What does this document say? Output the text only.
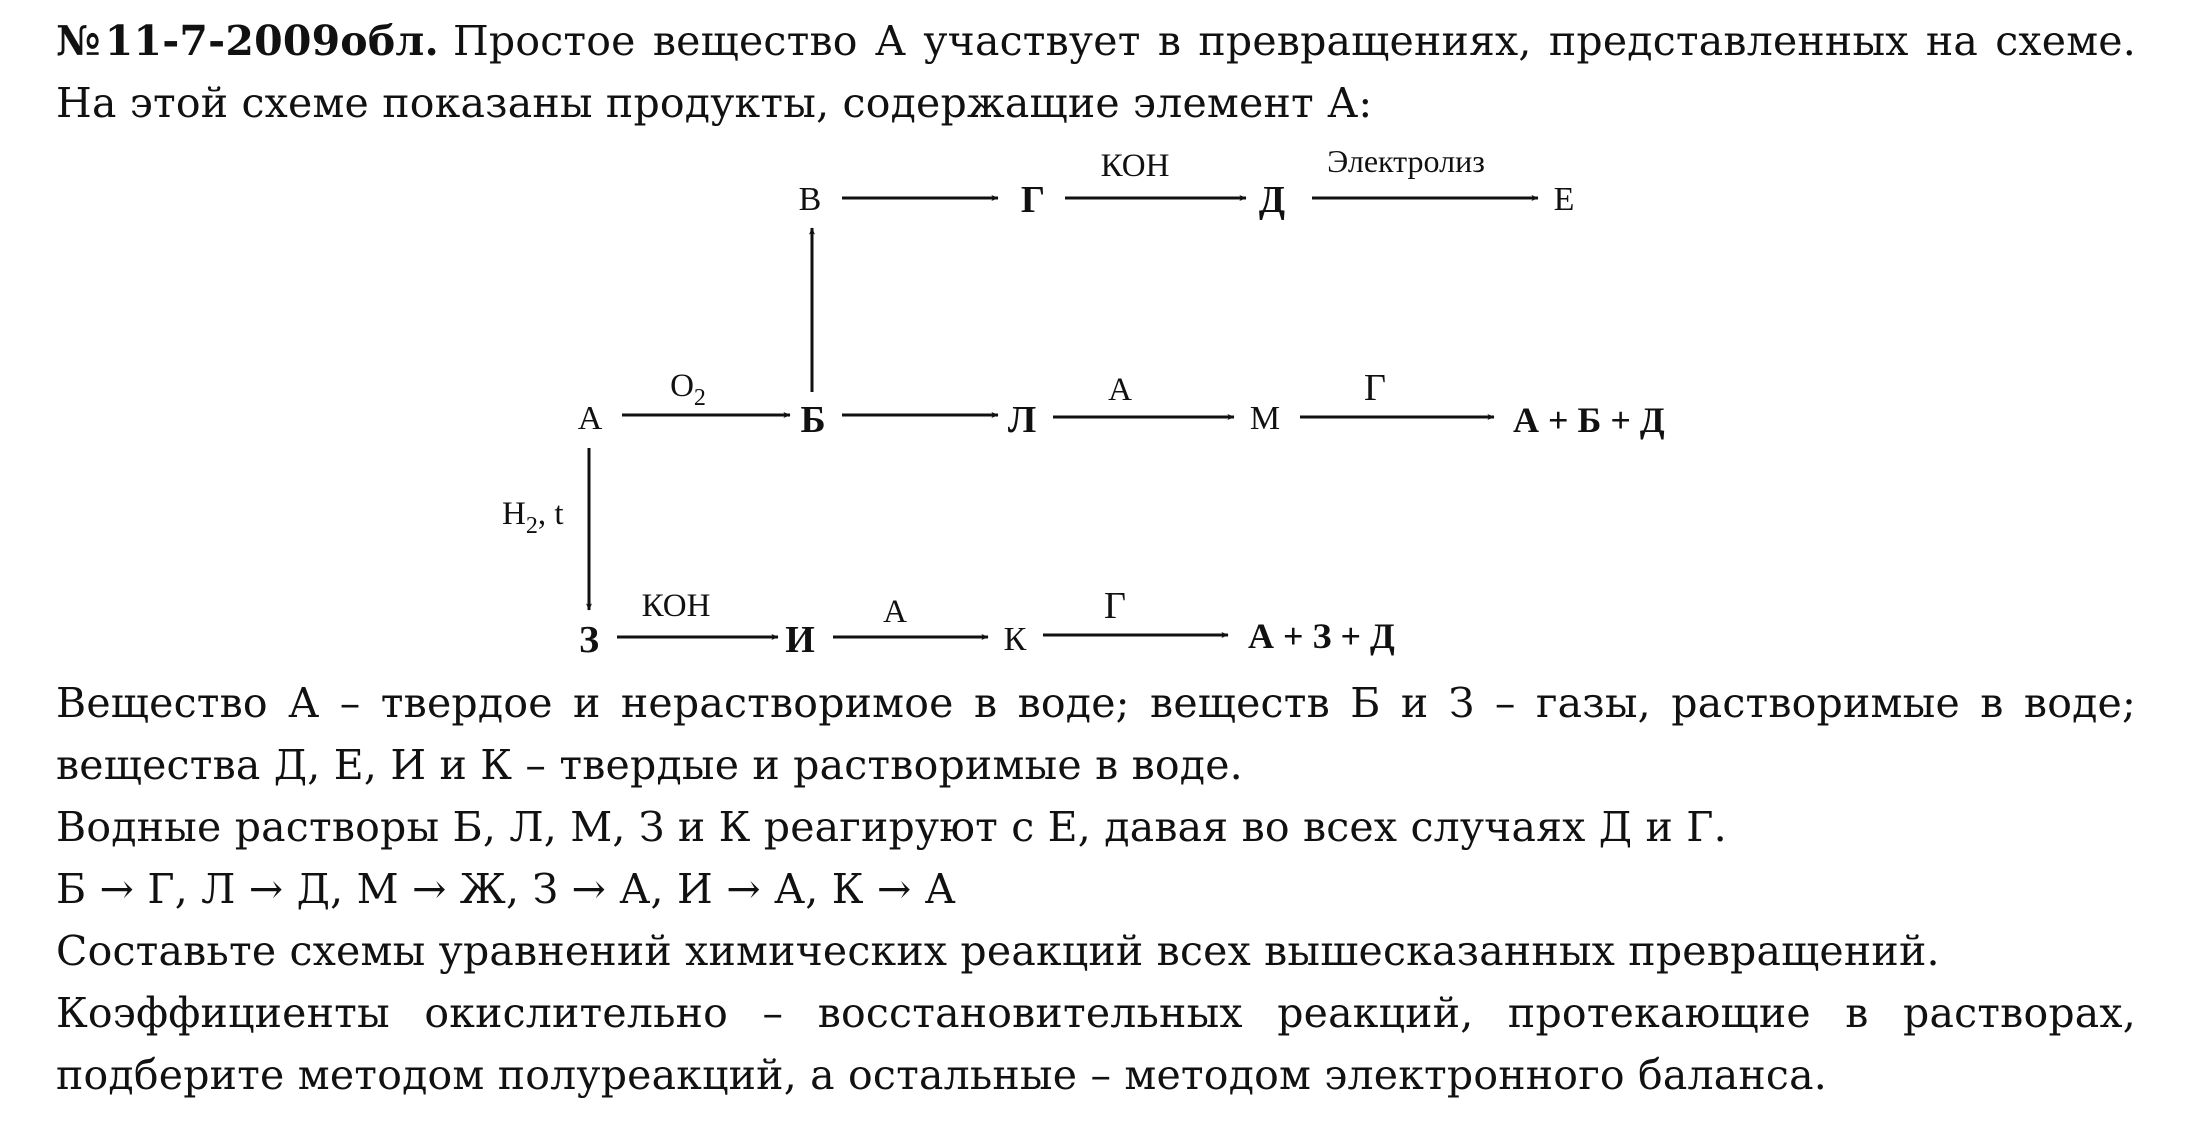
№11-7-2009обл. Простое вещество А участвует в превращениях, представленных на схеме. На этой схеме показаны продукты, содержащие элемент А:
В	Г
КОН
Д
Электролиз
Е
А
$O_2$
Б	Л
А
М
Г
А + Б + Д
$H_2$, t
З
КОН
И
А
К
Г
А + З + Д

Вещество А – твердое и нерастворимое в воде; веществ Б и З – газы, растворимые в воде; вещества Д, Е, И и К – твердые и растворимые в воде.

Водные растворы Б, Л, М, З и К реагируют с Е, давая во всех случаях Д и Г.

Б → Г, Л → Д, М → Ж, З → А, И → А, К → А

Составьте схемы уравнений химических реакций всех вышесказанных превращений.

Коэффициенты окислительно – восстановительных реакций, протекающие в растворах, подберите методом полуреакций, а остальные – методом электронного баланса.
